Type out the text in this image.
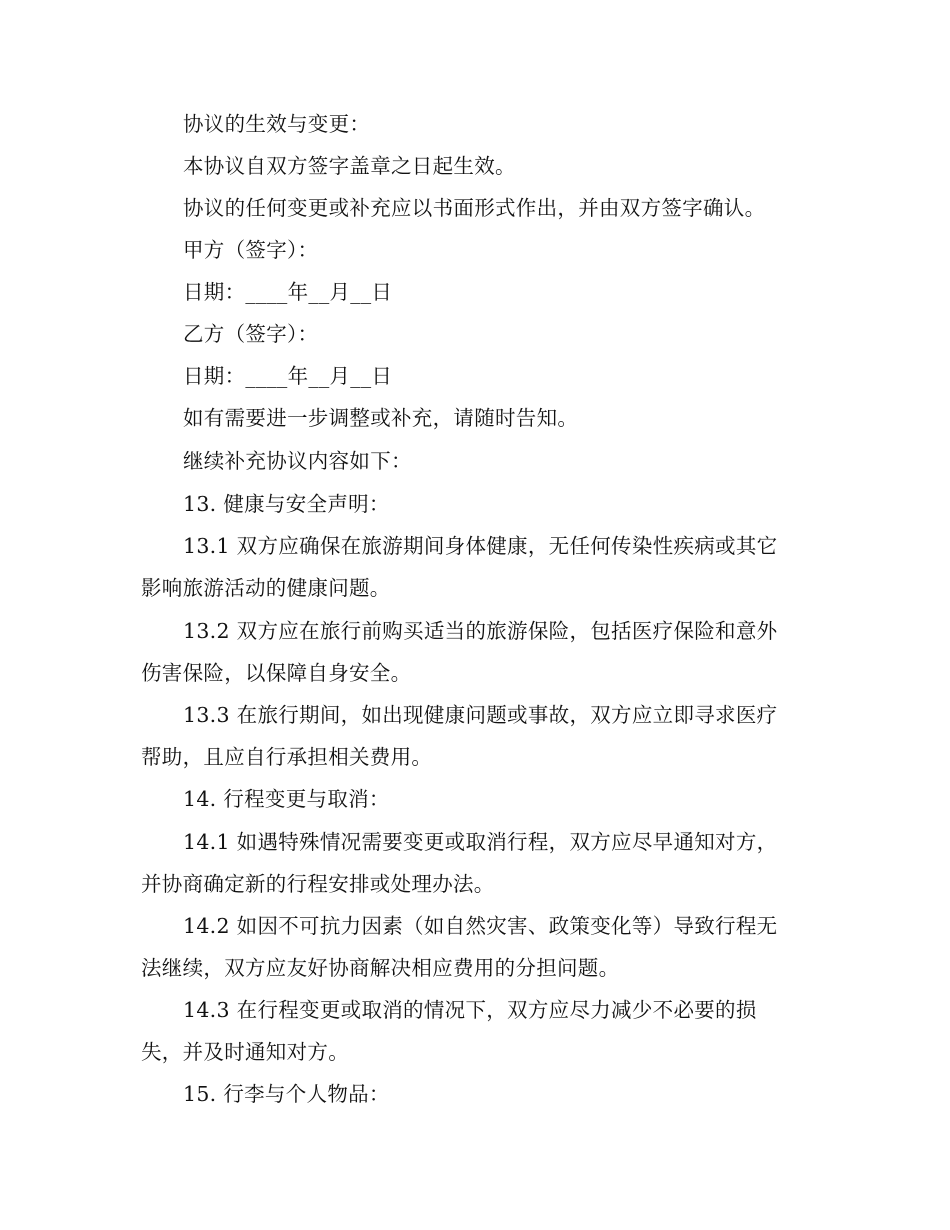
协议的生效与变更：
本协议自双方签字盖章之日起生效。
协议的任何变更或补充应以书面形式作出，并由双方签字确认。
甲方（签字）：
日期：____年__月__日
乙方（签字）：
日期：____年__月__日
如有需要进一步调整或补充，请随时告知。
继续补充协议内容如下：
13. 健康与安全声明：
13.1 双方应确保在旅游期间身体健康，无任何传染性疾病或其它
影响旅游活动的健康问题。
13.2 双方应在旅行前购买适当的旅游保险，包括医疗保险和意外
伤害保险，以保障自身安全。
13.3 在旅行期间，如出现健康问题或事故，双方应立即寻求医疗
帮助，且应自行承担相关费用。
14. 行程变更与取消：
14.1 如遇特殊情况需要变更或取消行程，双方应尽早通知对方，
并协商确定新的行程安排或处理办法。
14.2 如因不可抗力因素（如自然灾害、政策变化等）导致行程无
法继续，双方应友好协商解决相应费用的分担问题。
14.3 在行程变更或取消的情况下，双方应尽力减少不必要的损
失，并及时通知对方。
15. 行李与个人物品：
